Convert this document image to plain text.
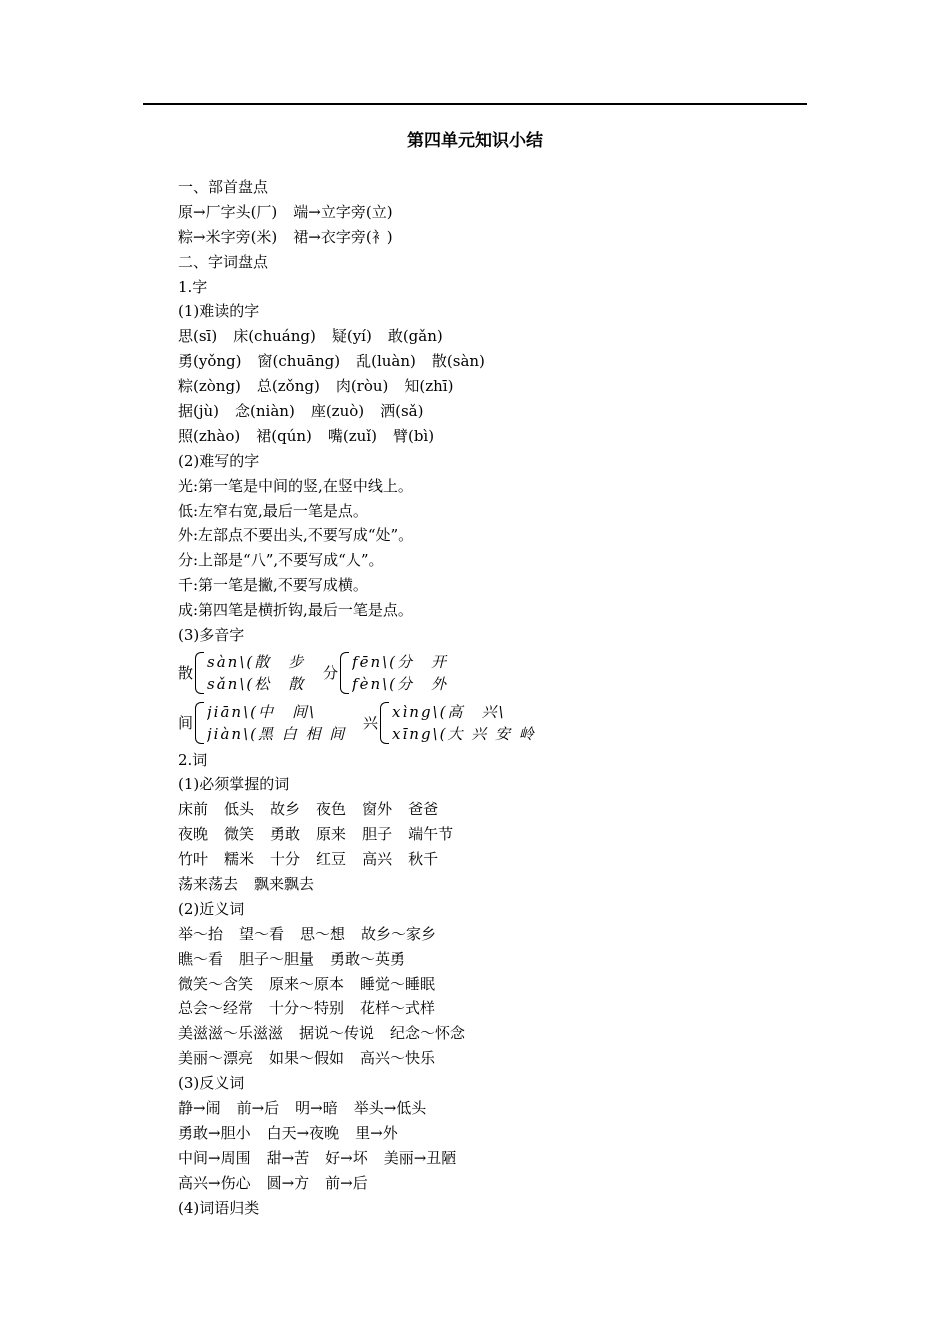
第四单元知识小结
一、部首盘点
原→厂字头(厂) 端→立字旁(立)
粽→米字旁(米) 裙→衣字旁(衤)
二、字词盘点
1.字
(1)难读的字
思(sī) 床(chuáng) 疑(yí) 敢(gǎn)
勇(yǒng) 窗(chuāng) 乱(luàn) 散(sàn)
粽(zòng) 总(zǒng) 肉(ròu) 知(zhī)
据(jù) 念(niàn) 座(zuò) 洒(sǎ)
照(zhào) 裙(qún) 嘴(zuǐ) 臂(bì)
(2)难写的字
光:第一笔是中间的竖,在竖中线上。
低:左窄右宽,最后一笔是点。
外:左部点不要出头,不要写成“处”。
分:上部是“八”,不要写成“人”。
千:第一笔是撇,不要写成横。
成:第四笔是横折钩,最后一笔是点。
(3)多音字
散
sàn\(散　步
sǎn\(松　散
分
fēn\(分　开
fèn\(分　外
间
jiān\(中　间\
jiàn\(黑 白 相 间
兴
xìng\(高　兴\
xīng\(大 兴 安 岭
2.词
(1)必须掌握的词
床前 低头 故乡 夜色 窗外 爸爸
夜晚 微笑 勇敢 原来 胆子 端午节
竹叶 糯米 十分 红豆 高兴 秋千
荡来荡去 飘来飘去
(2)近义词
举～抬 望～看 思～想 故乡～家乡
瞧～看 胆子～胆量 勇敢～英勇
微笑～含笑 原来～原本 睡觉～睡眠
总会～经常 十分～特别 花样～式样
美滋滋～乐滋滋 据说～传说 纪念～怀念
美丽～漂亮 如果～假如 高兴～快乐
(3)反义词
静→闹 前→后 明→暗 举头→低头
勇敢→胆小 白天→夜晚 里→外
中间→周围 甜→苦 好→坏 美丽→丑陋
高兴→伤心 圆→方 前→后
(4)词语归类
